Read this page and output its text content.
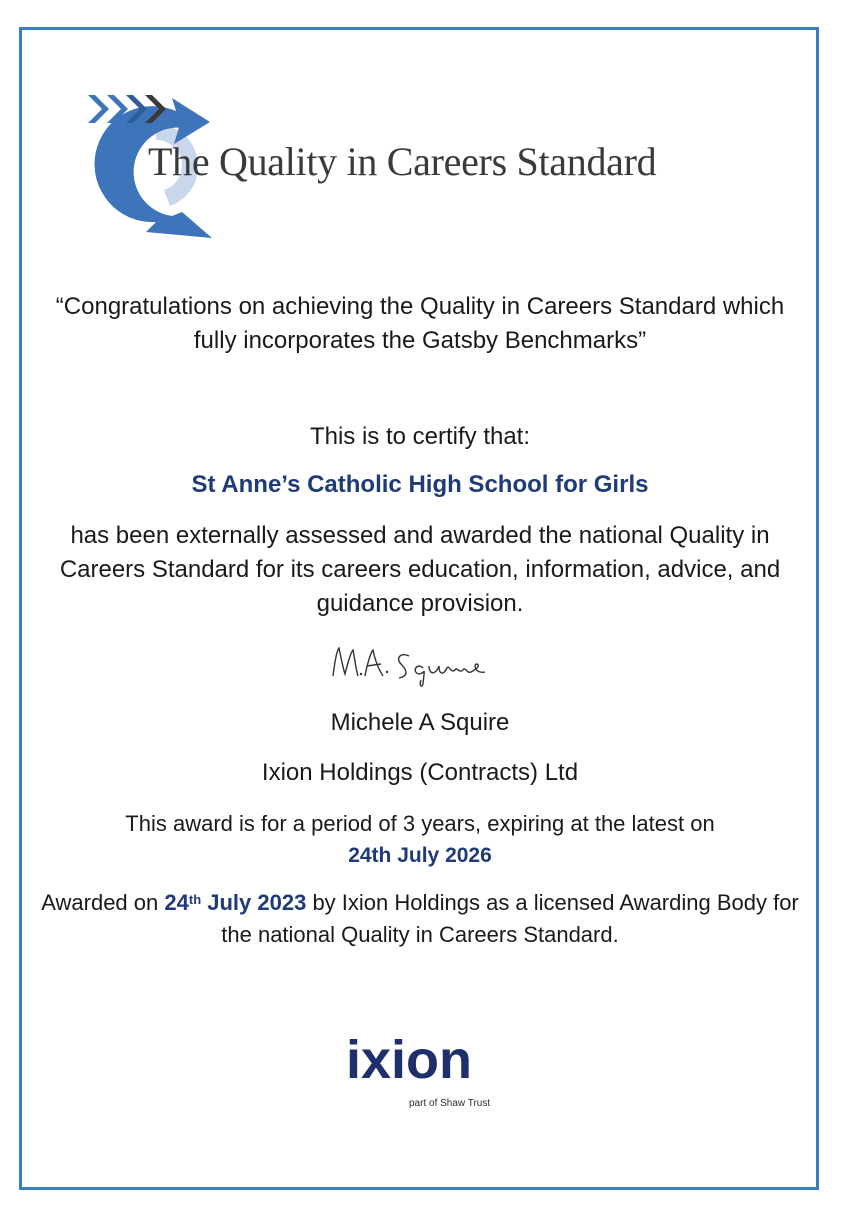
The Quality in Careers Standard
“Congratulations on achieving the Quality in Careers Standard which fully incorporates the Gatsby Benchmarks”
This is to certify that:
St Anne’s Catholic High School for Girls
has been externally assessed and awarded the national Quality in Careers Standard for its careers education, information, advice, and guidance provision.
Michele A Squire
Ixion Holdings (Contracts) Ltd
This award is for a period of 3 years, expiring at the latest on
24th July 2026
Awarded on 24th July 2023 by Ixion Holdings as a licensed Awarding Body for the national Quality in Careers Standard.
ixion
part of Shaw Trust
